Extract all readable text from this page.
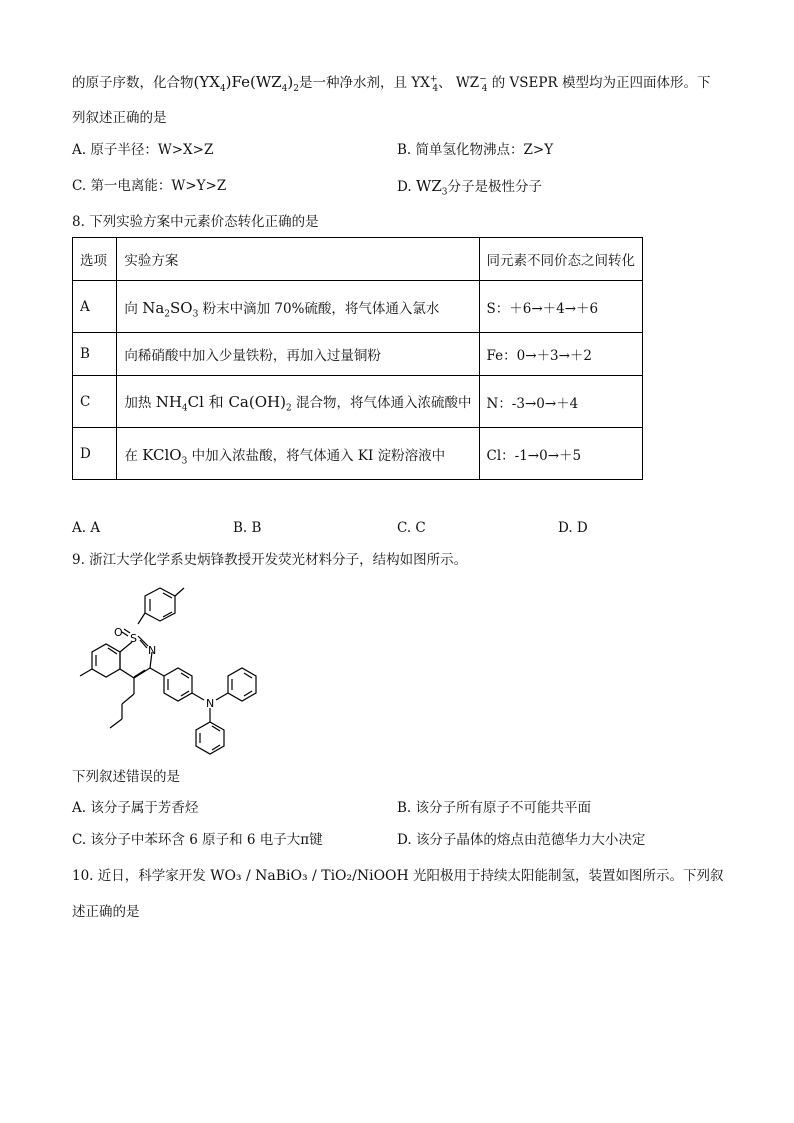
的原子序数，化合物$(YX_4)Fe(WZ_4)_2$是一种净水剂，且 $YX^+_4$、 $WZ^-_4$ 的 VSEPR 模型均为正四面体形。下
列叙述正确的是
A. 原子半径：W>X>Z	B. 简单氢化物沸点：Z>Y
C. 第一电离能：W>Y>Z	D. $WZ_3$分子是极性分子
8. 下列实验方案中元素价态转化正确的是
选项	实验方案	同元素不同价态之间转化
A	向 $Na_2SO_3$ 粉末中滴加 70%硫酸，将气体通入氯水	S：＋6→＋4→＋6
B	向稀硝酸中加入少量铁粉，再加入过量铜粉	Fe：0→＋3→＋2
C	加热 $NH_4Cl$ 和 $Ca(OH)_2$ 混合物，将气体通入浓硫酸中	N：-3→0→＋4
D	在 KClO$_3$ 中加入浓盐酸，将气体通入 KI 淀粉溶液中	Cl：-1→0→＋5
A. A	B. B	C. C	D. D
9. 浙江大学化学系史炳锋教授开发荧光材料分子，结构如图所示。
O S
N
N
下列叙述错误的是
A. 该分子属于芳香烃	B. 该分子所有原子不可能共平面
C. 该分子中苯环含 6 原子和 6 电子大π键	D. 该分子晶体的熔点由范德华力大小决定
10. 近日，科学家开发 WO₃ / NaBiO₃ / TiO₂/NiOOH 光阳极用于持续太阳能制氢，装置如图所示。下列叙
述正确的是
